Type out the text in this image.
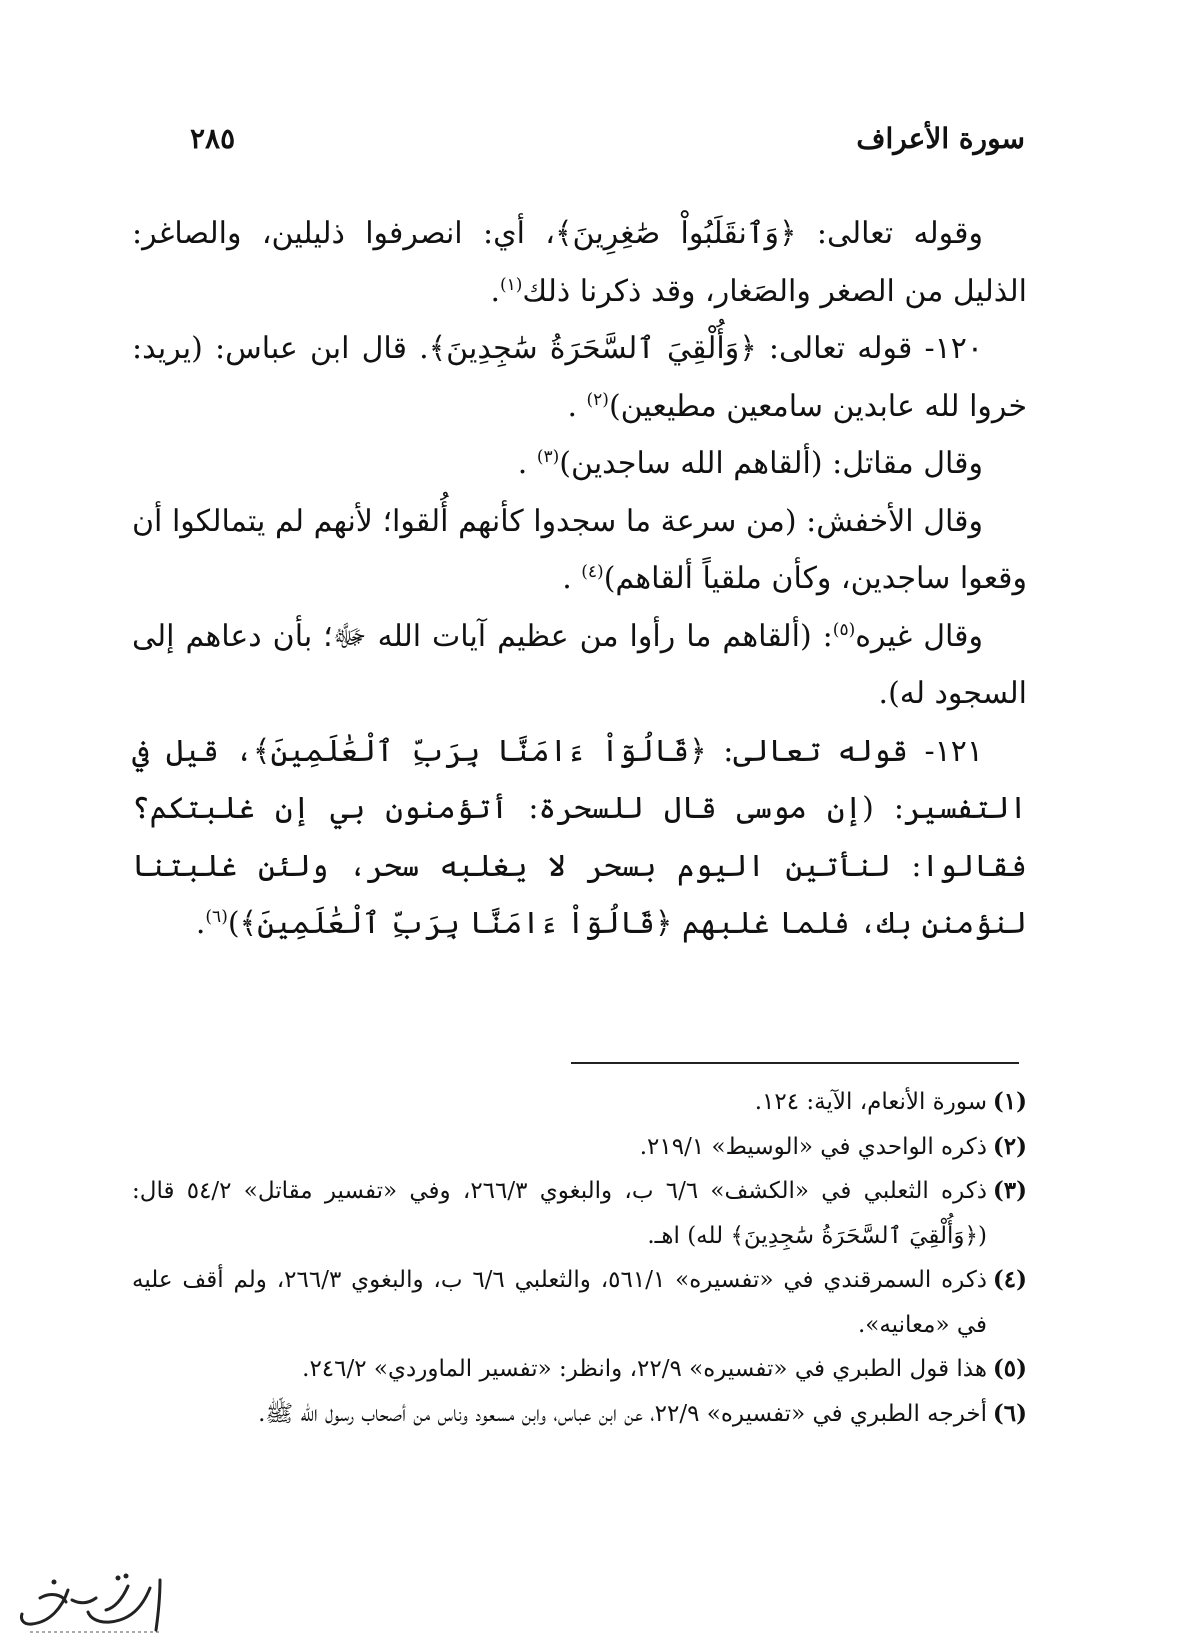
سورة الأعراف
٢٨٥

وقوله تعالى: ﴿وَٱنقَلَبُواْ صَٰغِرِينَ﴾، أي: انصرفوا ذليلين، والصاغر: الذليل من الصغر والصَغار، وقد ذكرنا ذلك$^{(١)}$.

١٢٠- قوله تعالى: ﴿وَأُلْقِيَ ٱلسَّحَرَةُ سَٰجِدِينَ﴾. قال ابن عباس: (يريد: خروا لله عابدين سامعين مطيعين)$^{(٢)}$ .

وقال مقاتل: (ألقاهم الله ساجدين)$^{(٣)}$ .

وقال الأخفش: (من سرعة ما سجدوا كأنهم أُلقوا؛ لأنهم لم يتمالكوا أن وقعوا ساجدين، وكأن ملقياً ألقاهم)$^{(٤)}$ .

وقال غيره$^{(٥)}$: (ألقاهم ما رأوا من عظيم آيات الله ﷻ؛ بأن دعاهم إلى السجود له).

١٢١- قوله تعالى: ﴿قَالُوٓاْ ءَامَنَّا بِرَبِّ ٱلْعَٰلَمِينَ﴾، قيل في التفسير: (إن موسى قال للسحرة: أتؤمنون بي إن غلبتكم؟ فقالوا: لنأتين اليوم بسحر لا يغلبه سحر، ولئن غلبتنا لنؤمنن بك، فلما غلبهم ﴿قَالُوٓاْ ءَامَنَّا بِرَبِّ ٱلْعَٰلَمِينَ﴾)$^{(٦)}$.

(١)
سورة الأنعام، الآية: ١٢٤.
(٢)
ذكره الواحدي في «الوسيط» ٢١٩/١.
(٣)
ذكره الثعلبي في «الكشف» ٦/٦ ب، والبغوي ٢٦٦/٣، وفي «تفسير مقاتل» ٥٤/٢ قال: (﴿وَأُلْقِيَ ٱلسَّحَرَةُ سَٰجِدِينَ﴾ لله) اهـ.
(٤)
ذكره السمرقندي في «تفسيره» ٥٦١/١، والثعلبي ٦/٦ ب، والبغوي ٢٦٦/٣، ولم أقف عليه في «معانيه».
(٥)
هذا قول الطبري في «تفسيره» ٢٢/٩، وانظر: «تفسير الماوردي» ٢٤٦/٢.
(٦)
أخرجه الطبري في «تفسيره» ٢٢/٩، عن ابن عباس، وابن مسعود وناس من أصحاب رسول الله ﷺ.
